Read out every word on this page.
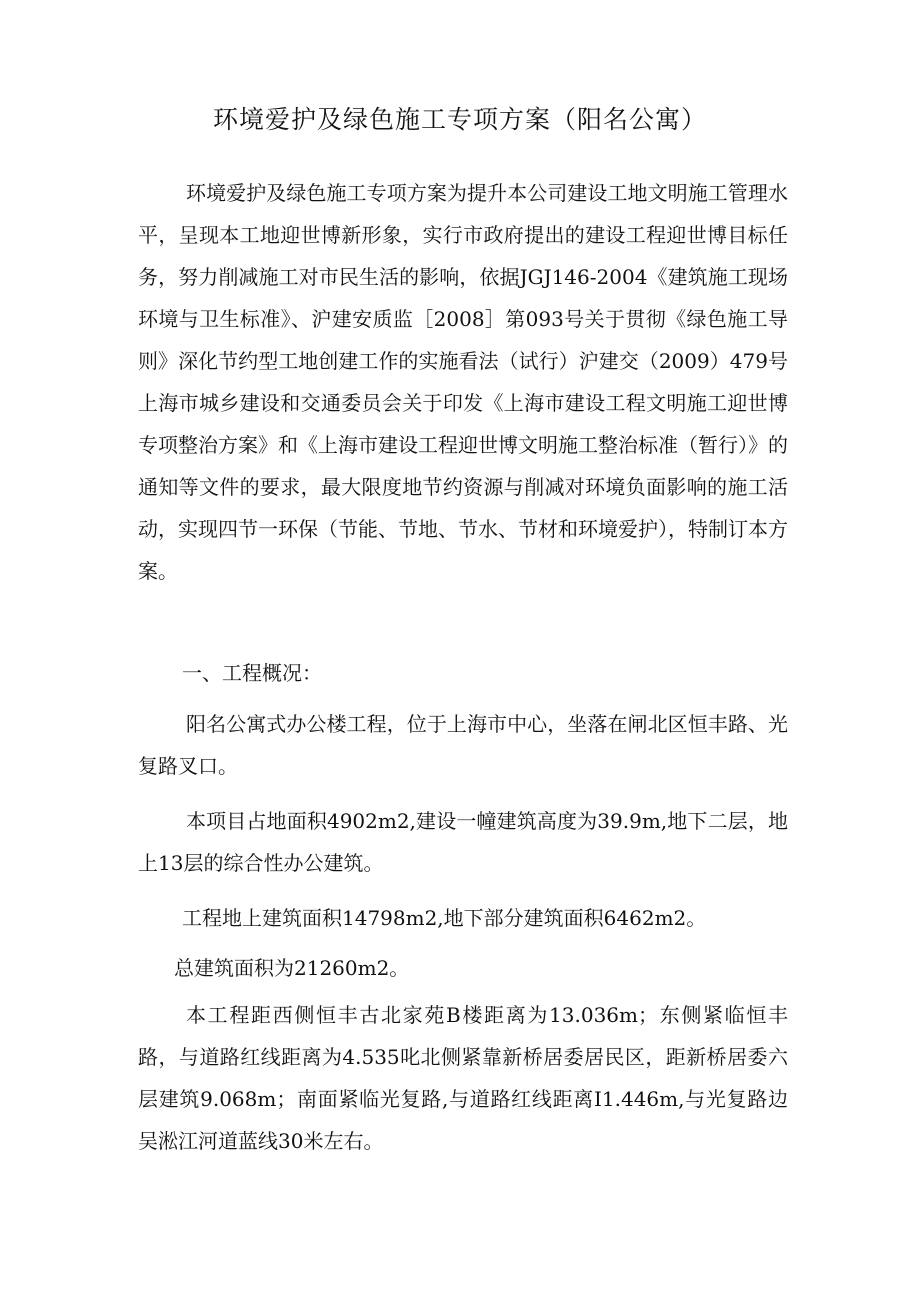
环境爱护及绿色施工专项方案（阳名公寓）

环境爱护及绿色施工专项方案为提升本公司建设工地文明施工管理水平，呈现本工地迎世博新形象，实行市政府提出的建设工程迎世博目标任务，努力削减施工对市民生活的影响，依据JGJ146-2004《建筑施工现场环境与卫生标准》、沪建安质监［2008］第093号关于贯彻《绿色施工导则》深化节约型工地创建工作的实施看法（试行）沪建交（2009）479号上海市城乡建设和交通委员会关于印发《上海市建设工程文明施工迎世博专项整治方案》和《上海市建设工程迎世博文明施工整治标准（暂行）》的通知等文件的要求，最大限度地节约资源与削减对环境负面影响的施工活动，实现四节一环保（节能、节地、节水、节材和环境爱护），特制订本方案。

一、工程概况：

阳名公寓式办公楼工程，位于上海市中心，坐落在闸北区恒丰路、光复路叉口。

本项目占地面积4902m2,建设一幢建筑高度为39.9m,地下二层，地上13层的综合性办公建筑。

工程地上建筑面积14798m2,地下部分建筑面积6462m2。

总建筑面积为21260m2。

本工程距西侧恒丰古北家苑B楼距离为13.036m；东侧紧临恒丰路，与道路红线距离为4.535叱北侧紧靠新桥居委居民区，距新桥居委六层建筑9.068m；南面紧临光复路,与道路红线距离I1.446m,与光复路边吴淞江河道蓝线30米左右。
